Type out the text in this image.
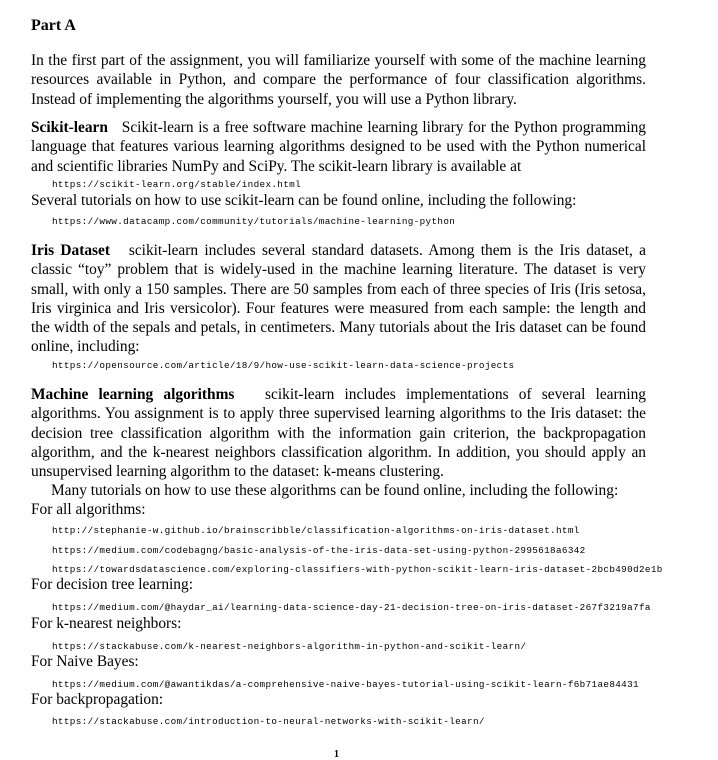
Part A
In the first part of the assignment, you will familiarize yourself with some of the machine learning resources available in Python, and compare the performance of four classification algorithms. Instead of implementing the algorithms yourself, you will use a Python library.
Scikit-learn Scikit-learn is a free software machine learning library for the Python programming language that features various learning algorithms designed to be used with the Python numerical and scientific libraries NumPy and SciPy. The scikit-learn library is available at
https://scikit-learn.org/stable/index.html
Several tutorials on how to use scikit-learn can be found online, including the following:
https://www.datacamp.com/community/tutorials/machine-learning-python
Iris Dataset scikit-learn includes several standard datasets. Among them is the Iris dataset, a classic “toy” problem that is widely-used in the machine learning literature. The dataset is very small, with only a 150 samples. There are 50 samples from each of three species of Iris (Iris setosa, Iris virginica and Iris versicolor). Four features were measured from each sample: the length and the width of the sepals and petals, in centimeters. Many tutorials about the Iris dataset can be found online, including:
https://opensource.com/article/18/9/how-use-scikit-learn-data-science-projects
Machine learning algorithms scikit-learn includes implementations of several learning algorithms. You assignment is to apply three supervised learning algorithms to the Iris dataset: the decision tree classification algorithm with the information gain criterion, the backpropagation algorithm, and the k-nearest neighbors classification algorithm. In addition, you should apply an unsupervised learning algorithm to the dataset: k-means clustering.
Many tutorials on how to use these algorithms can be found online, including the following:
For all algorithms:
http://stephanie-w.github.io/brainscribble/classification-algorithms-on-iris-dataset.html
https://medium.com/codebagng/basic-analysis-of-the-iris-data-set-using-python-2995618a6342
https://towardsdatascience.com/exploring-classifiers-with-python-scikit-learn-iris-dataset-2bcb490d2e1b
For decision tree learning:
https://medium.com/@haydar_ai/learning-data-science-day-21-decision-tree-on-iris-dataset-267f3219a7fa
For k-nearest neighbors:
https://stackabuse.com/k-nearest-neighbors-algorithm-in-python-and-scikit-learn/
For Naive Bayes:
https://medium.com/@awantikdas/a-comprehensive-naive-bayes-tutorial-using-scikit-learn-f6b71ae84431
For backpropagation:
https://stackabuse.com/introduction-to-neural-networks-with-scikit-learn/
1
